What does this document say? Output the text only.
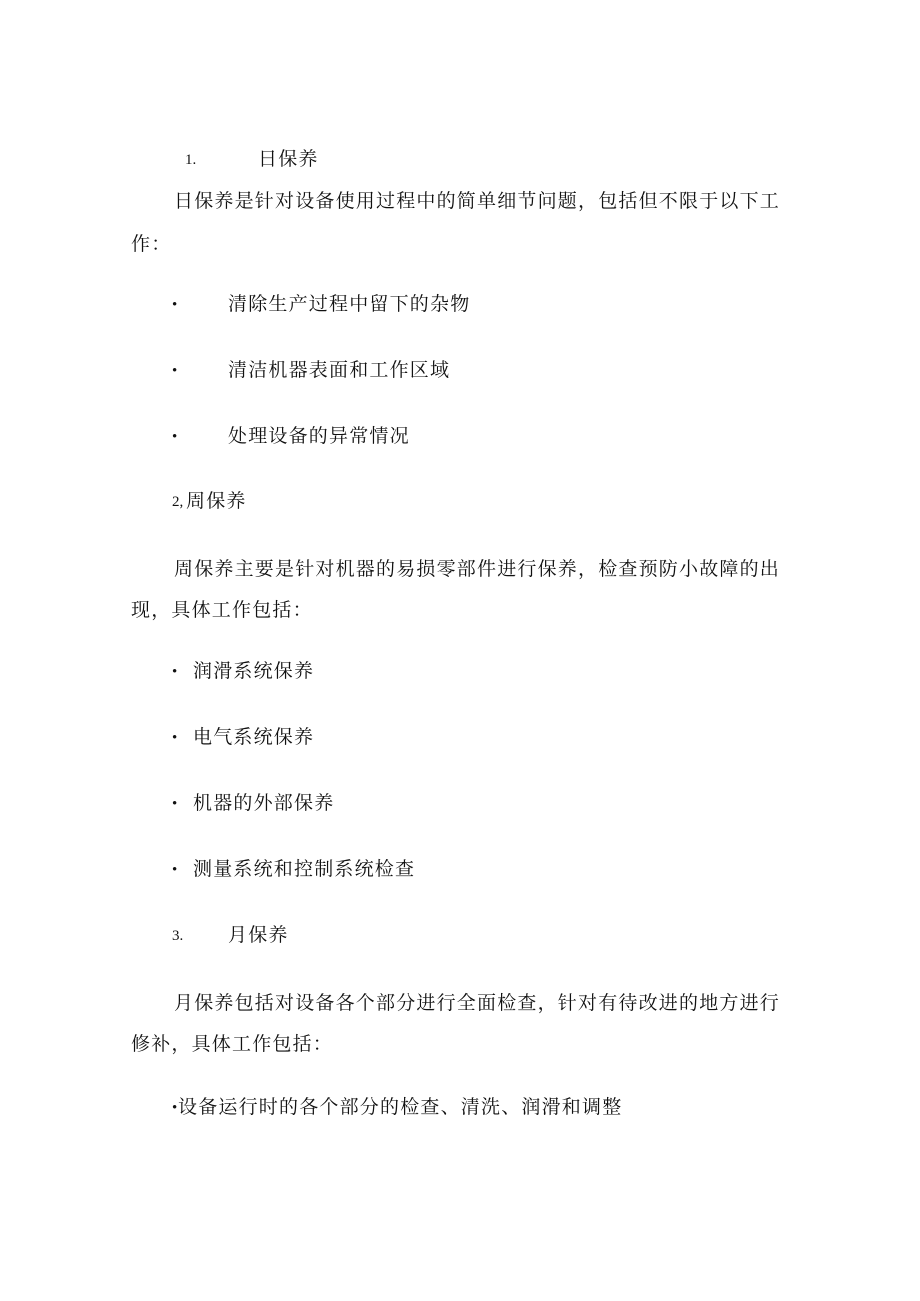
1.	日保养
日保养是针对设备使用过程中的简单细节问题，包括但不限于以下工
作：
•	清除生产过程中留下的杂物
•	清洁机器表面和工作区域
•	处理设备的异常情况
2, 周保养
周保养主要是针对机器的易损零部件进行保养，检查预防小故障的出
现，具体工作包括：
• 润滑系统保养
• 电气系统保养
• 机器的外部保养
• 测量系统和控制系统检查
3. 月保养
月保养包括对设备各个部分进行全面检查，针对有待改进的地方进行
修补，具体工作包括：
• 设备运行时的各个部分的检查、清洗、润滑和调整
